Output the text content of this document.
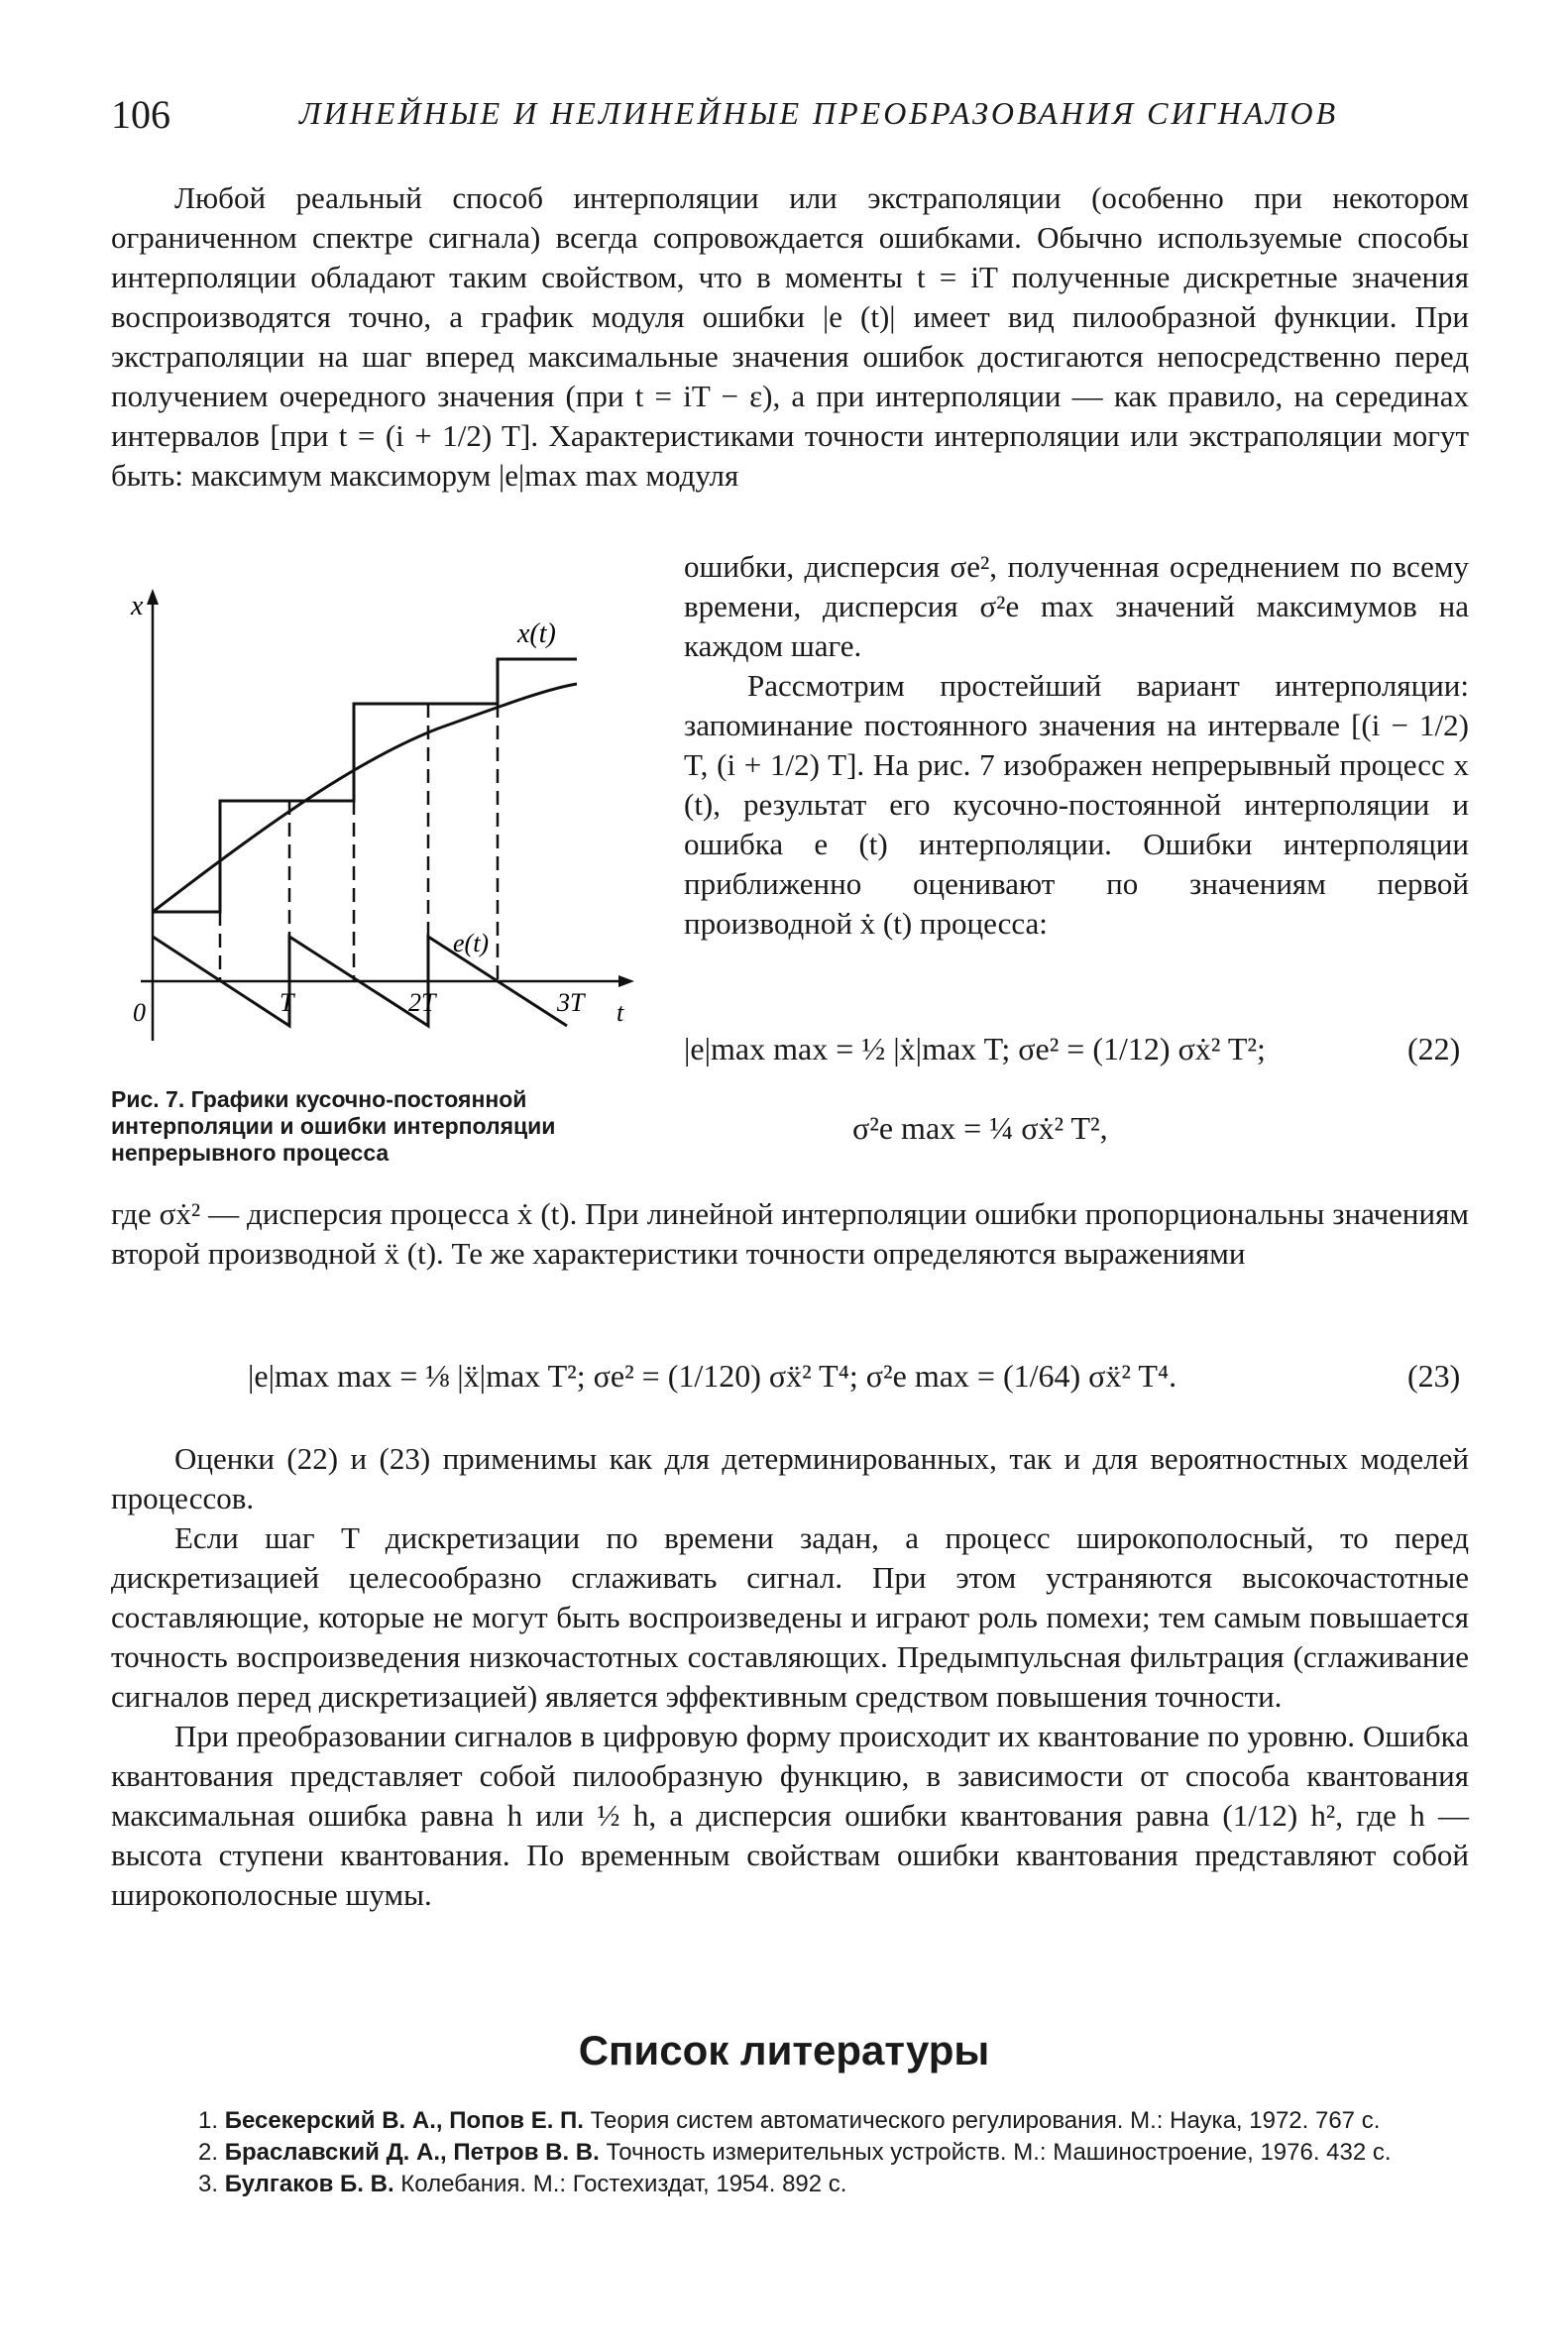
106	ЛИНЕЙНЫЕ И НЕЛИНЕЙНЫЕ ПРЕОБРАЗОВАНИЯ СИГНАЛОВ

Любой реальный способ интерполяции или экстраполяции (особенно при некотором ограниченном спектре сигнала) всегда сопровождается ошибками. Обычно используемые способы интерполяции обладают таким свойством, что в моменты t = iT полученные дискретные значения воспроизводятся точно, а график модуля ошибки |e (t)| имеет вид пилообразной функции. При экстраполяции на шаг вперед максимальные значения ошибок достигаются непосредственно перед получением очередного значения (при t = iT − ε), а при интерполяции — как правило, на серединах интервалов [при t = (i + 1/2) T]. Характеристиками точности интерполяции или экстраполяции могут быть: максимум максиморум |e|max max модуля

x
x(t)
e(t)
0	T	2T	3T t
Рис. 7. Графики кусочно-постоянной интерполяции и ошибки интерполяции непрерывного процесса

ошибки, дисперсия σe², полученная осреднением по всему времени, дисперсия σ²e max значений максимумов на каждом шаге.

Рассмотрим простейший вариант интерполяции: запоминание постоянного значения на интервале [(i − 1/2) T, (i + 1/2) T]. На рис. 7 изображен непрерывный процесс x (t), результат его кусочно-постоянной интерполяции и ошибка e (t) интерполяции. Ошибки интерполяции приближенно оценивают по значениям первой производной ẋ (t) процесса:

|e|max max = ½ |ẋ|max T; σe² = (1/12) σẋ² T²;	(22)
σ²e max = ¼ σẋ² T²,

где σẋ² — дисперсия процесса ẋ (t). При линейной интерполяции ошибки пропорциональны значениям второй производной ẍ (t). Те же характеристики точности определяются выражениями

|e|max max = ⅛ |ẍ|max T²; σe² = (1/120) σẍ² T⁴; σ²e max = (1/64) σẍ² T⁴.	(23)

Оценки (22) и (23) применимы как для детерминированных, так и для вероятностных моделей процессов.

Если шаг T дискретизации по времени задан, а процесс широкополосный, то перед дискретизацией целесообразно сглаживать сигнал. При этом устраняются высокочастотные составляющие, которые не могут быть воспроизведены и играют роль помехи; тем самым повышается точность воспроизведения низкочастотных составляющих. Предымпульсная фильтрация (сглаживание сигналов перед дискретизацией) является эффективным средством повышения точности.

При преобразовании сигналов в цифровую форму происходит их квантование по уровню. Ошибка квантования представляет собой пилообразную функцию, в зависимости от способа квантования максимальная ошибка равна h или ½ h, а дисперсия ошибки квантования равна (1/12) h², где h — высота ступени квантования. По временным свойствам ошибки квантования представляют собой широкополосные шумы.

Список литературы

1. Бесекерский В. А., Попов Е. П. Теория систем автоматического регулирования. М.: Наука, 1972. 767 с.

2. Браславский Д. А., Петров В. В. Точность измерительных устройств. М.: Машиностроение, 1976. 432 с.

3. Булгаков Б. В. Колебания. М.: Гостехиздат, 1954. 892 с.
